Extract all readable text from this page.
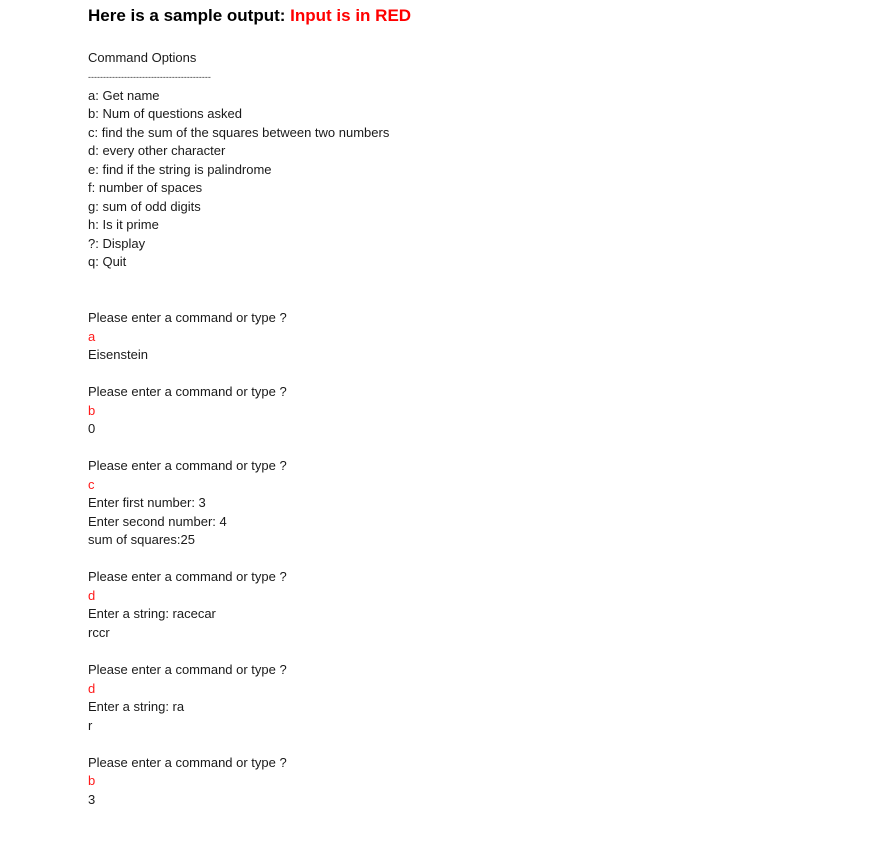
Here is a sample output: Input is in RED
Command Options
-----------------------------------------
a: Get name
b: Num of questions asked
c: find the sum of the squares between two numbers
d: every other character
e: find if the string is palindrome
f: number of spaces
g: sum of odd digits
h: Is it prime
?: Display
q: Quit
Please enter a command or type ?
a
Eisenstein
Please enter a command or type ?
b
0
Please enter a command or type ?
c
Enter first number: 3
Enter second number: 4
sum of squares:25
Please enter a command or type ?
d
Enter a string: racecar
rccr
Please enter a command or type ?
d
Enter a string: ra
r
Please enter a command or type ?
b
3
